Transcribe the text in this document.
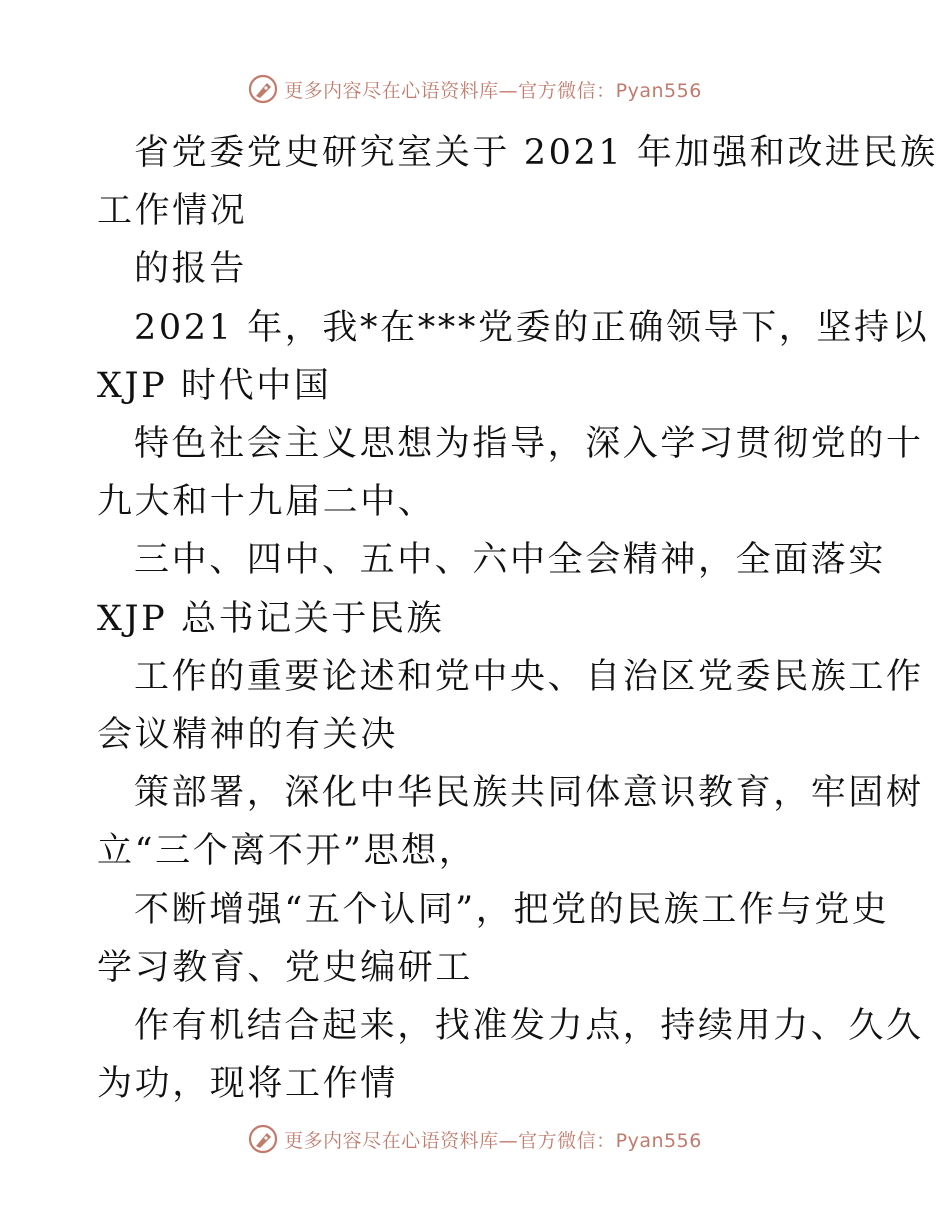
更多内容尽在心语资料库—官方微信：Pyan556
省党委党史研究室关于 2021 年加强和改进民族
工作情况
的报告
2021 年，我*在***党委的正确领导下，坚持以
XJP 时代中国
特色社会主义思想为指导，深入学习贯彻党的十
九大和十九届二中、
三中、四中、五中、六中全会精神，全面落实
XJP 总书记关于民族
工作的重要论述和党中央、自治区党委民族工作
会议精神的有关决
策部署，深化中华民族共同体意识教育，牢固树
立“三个离不开”思想，
不断增强“五个认同”，把党的民族工作与党史
学习教育、党史编研工
作有机结合起来，找准发力点，持续用力、久久
为功，现将工作情
更多内容尽在心语资料库—官方微信：Pyan556
